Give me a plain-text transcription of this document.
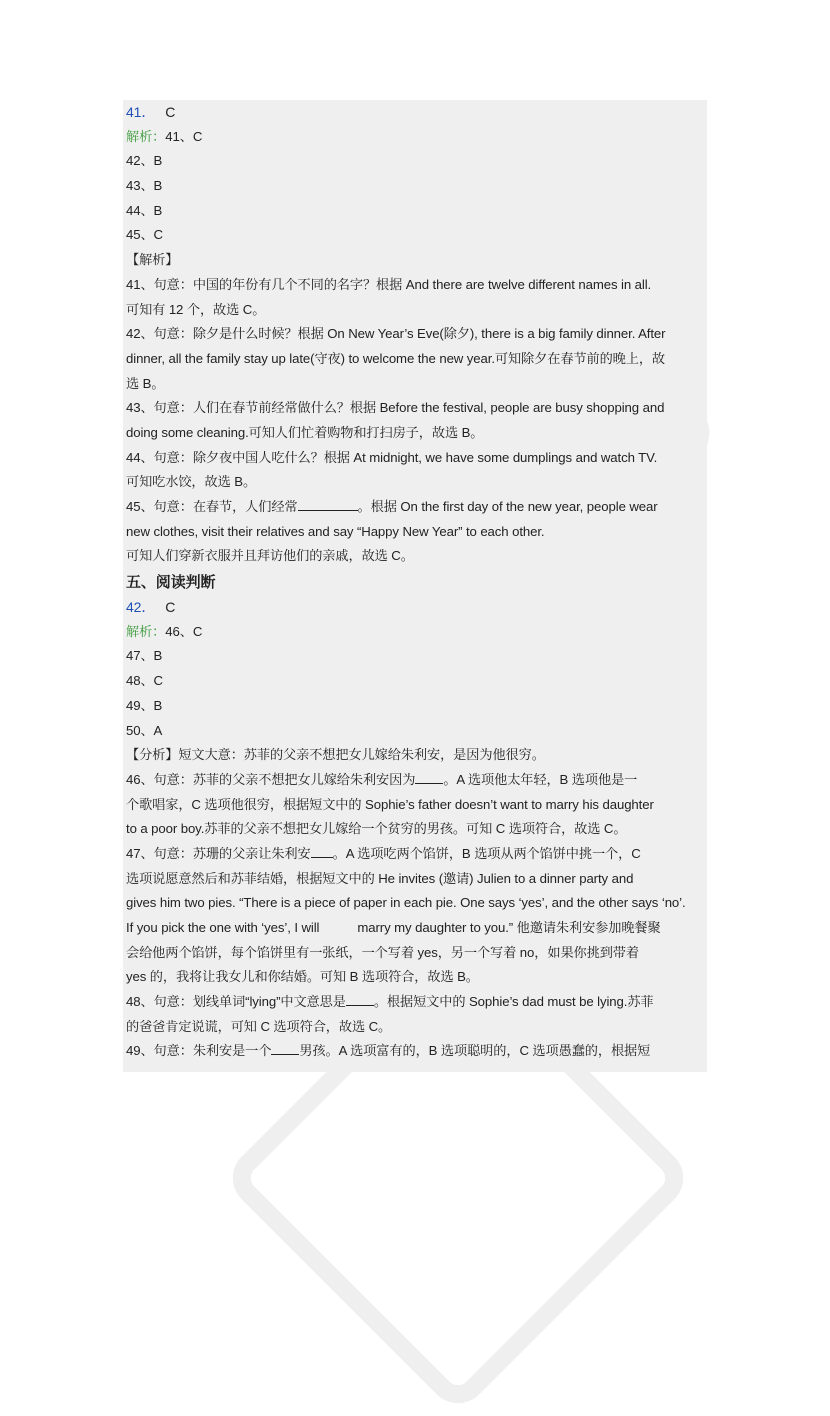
41． C
解析：41、C
42、B
43、B
44、B
45、C
【解析】
41、句意：中国的年份有几个不同的名字？根据 And there are twelve different names in all.
可知有 12 个，故选 C。
42、句意：除夕是什么时候？根据 On New Year’s Eve(除夕), there is a big family dinner. After
dinner, all the family stay up late(守夜) to welcome the new year.可知除夕在春节前的晚上，故
选 B。
43、句意：人们在春节前经常做什么？根据 Before the festival, people are busy shopping and
doing some cleaning.可知人们忙着购物和打扫房子，故选 B。
44、句意：除夕夜中国人吃什么？根据 At midnight, we have some dumplings and watch TV.
可知吃水饺，故选 B。
45、句意：在春节，人们经常	。根据 On the first day of the new year, people wear
new clothes, visit their relatives and say “Happy New Year” to each other.
可知人们穿新衣服并且拜访他们的亲戚，故选 C。
五、阅读判断
42． C
解析：46、C
47、B
48、C
49、B
50、A
【分析】短文大意：苏菲的父亲不想把女儿嫁给朱利安，是因为他很穷。
46、句意：苏菲的父亲不想把女儿嫁给朱利安因为 。A 选项他太年轻，B 选项他是一
个歌唱家，C 选项他很穷，根据短文中的 Sophie’s father doesn’t want to marry his daughter
to a poor boy.苏菲的父亲不想把女儿嫁给一个贫穷的男孩。可知 C 选项符合，故选 C。
47、句意：苏珊的父亲让朱利安 。A 选项吃两个馅饼，B 选项从两个馅饼中挑一个，C
选项说愿意然后和苏菲结婚，根据短文中的 He invites (邀请) Julien to a dinner party and
gives him two pies. “There is a piece of paper in each pie. One says ‘yes’, and the other says ‘no’.
If you pick the one with ‘yes’, I will	marry my daughter to you.” 他邀请朱利安参加晚餐聚
会给他两个馅饼，每个馅饼里有一张纸，一个写着 yes，另一个写着 no，如果你挑到带着
yes 的，我将让我女儿和你结婚。可知 B 选项符合，故选 B。
48、句意：划线单词“lying”中文意思是 。根据短文中的 Sophie’s dad must be lying.苏菲
的爸爸肯定说谎，可知 C 选项符合，故选 C。
49、句意：朱利安是一个 男孩。A 选项富有的，B 选项聪明的，C 选项愚蠢的，根据短
